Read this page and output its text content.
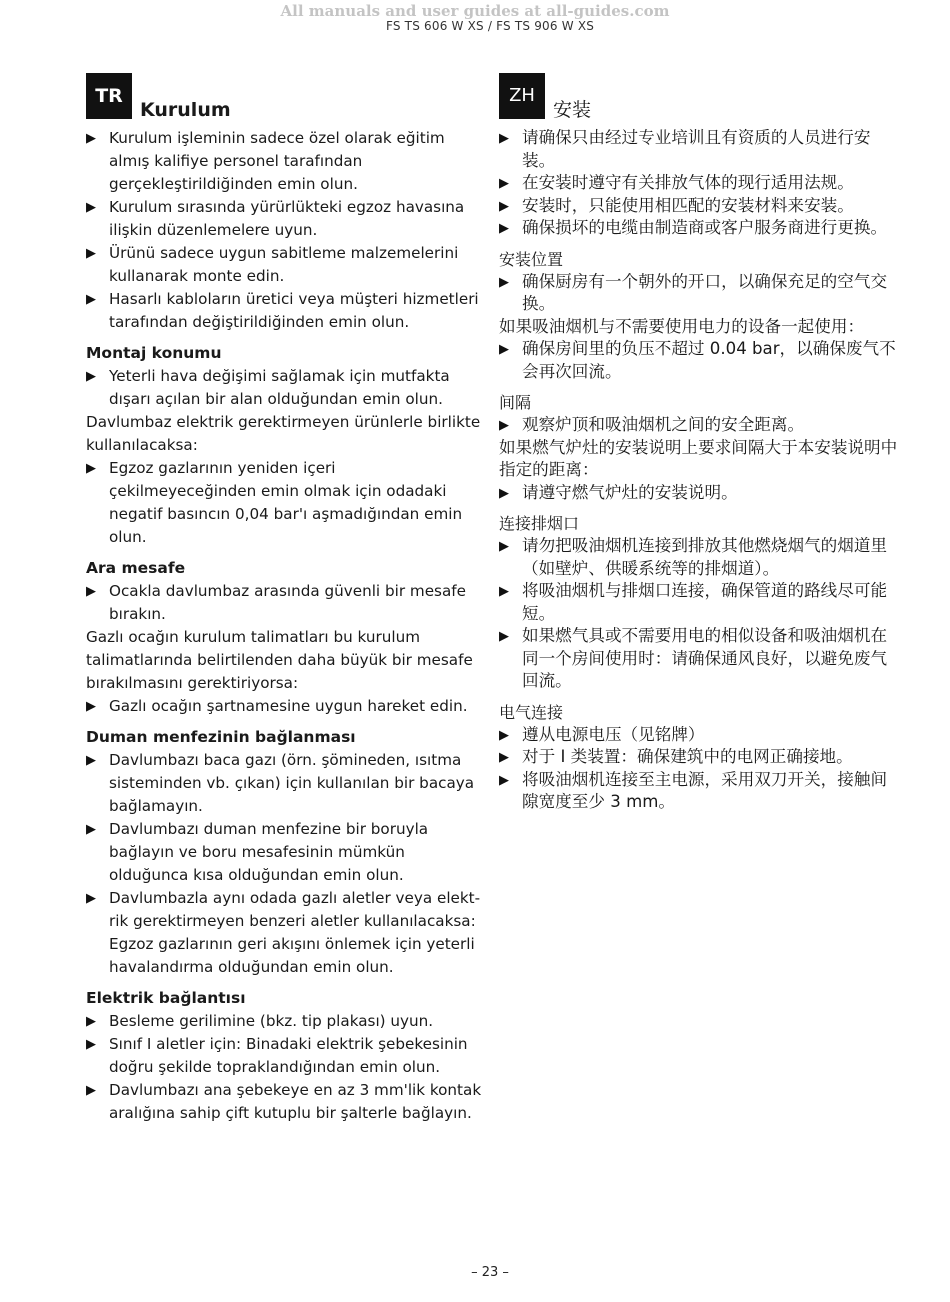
All manuals and user guides at all-guides.com
FS TS 606 W XS / FS TS 906 W XS
TRKurulum
▶ Kurulum işleminin sadece özel olarak eğitim almış kalifiye personel tarafından gerçekleştirildiğinden emin olun.
▶ Kurulum sırasında yürürlükteki egzoz havasına ilişkin düzenlemelere uyun.
▶ Ürünü sadece uygun sabitleme malzemelerini kullanarak monte edin.
▶ Hasarlı kabloların üretici veya müşteri hizmetleri tarafından değiştirildiğinden emin olun.
Montaj konumu
▶ Yeterli hava değişimi sağlamak için mutfakta dışarı açılan bir alan olduğundan emin olun.
Davlumbaz elektrik gerektirmeyen ürünlerle birlikte kullanılacaksa:
▶ Egzoz gazlarının yeniden içeri çekilmeyeceğinden emin olmak için odadaki negatif basıncın 0,04 bar'ı aşmadığından emin olun.
Ara mesafe
▶ Ocakla davlumbaz arasında güvenli bir mesafe bırakın.
Gazlı ocağın kurulum talimatları bu kurulum talimatlarında belirtilenden daha büyük bir mesafe bırakılmasını gerektiriyorsa:
▶ Gazlı ocağın şartnamesine uygun hareket edin.
Duman menfezinin bağlanması
▶ Davlumbazı baca gazı (örn. şömineden, ısıtma sisteminden vb. çıkan) için kullanılan bir bacaya bağlamayın.
▶ Davlumbazı duman menfezine bir boruyla bağlayın ve boru mesafesinin mümkün olduğunca kısa olduğundan emin olun.
▶ Davlumbazla aynı odada gazlı aletler veya elekt-rik gerektirmeyen benzeri aletler kullanılacaksa: Egzoz gazlarının geri akışını önlemek için yeterli havalandırma olduğundan emin olun.
Elektrik bağlantısı
▶ Besleme gerilimine (bkz. tip plakası) uyun.
▶ Sınıf I aletler için: Binadaki elektrik şebekesinin doğru şekilde topraklandığından emin olun.
▶ Davlumbazı ana şebekeye en az 3 mm'lik kontak aralığına sahip çift kutuplu bir şalterle bağlayın.
ZH安装
▶ 请确保只由经过专业培训且有资质的人员进行安装。
▶ 在安装时遵守有关排放气体的现行适用法规。
▶ 安装时，只能使用相匹配的安装材料来安装。
▶ 确保损坏的电缆由制造商或客户服务商进行更换。
安装位置
▶ 确保厨房有一个朝外的开口，以确保充足的空气交换。
如果吸油烟机与不需要使用电力的设备一起使用：
▶ 确保房间里的负压不超过 0.04 bar，以确保废气不会再次回流。
间隔
▶ 观察炉顶和吸油烟机之间的安全距离。
如果燃气炉灶的安装说明上要求间隔大于本安装说明中指定的距离：
▶ 请遵守燃气炉灶的安装说明。
连接排烟口
▶ 请勿把吸油烟机连接到排放其他燃烧烟气的烟道里（如壁炉、供暖系统等的排烟道）。
▶ 将吸油烟机与排烟口连接，确保管道的路线尽可能短。
▶ 如果燃气具或不需要用电的相似设备和吸油烟机在同一个房间使用时：请确保通风良好，以避免废气回流。
电气连接
▶ 遵从电源电压（见铭牌）
▶ 对于 I 类装置：确保建筑中的电网正确接地。
▶ 将吸油烟机连接至主电源，采用双刀开关，接触间隙宽度至少 3 mm。
– 23 –
